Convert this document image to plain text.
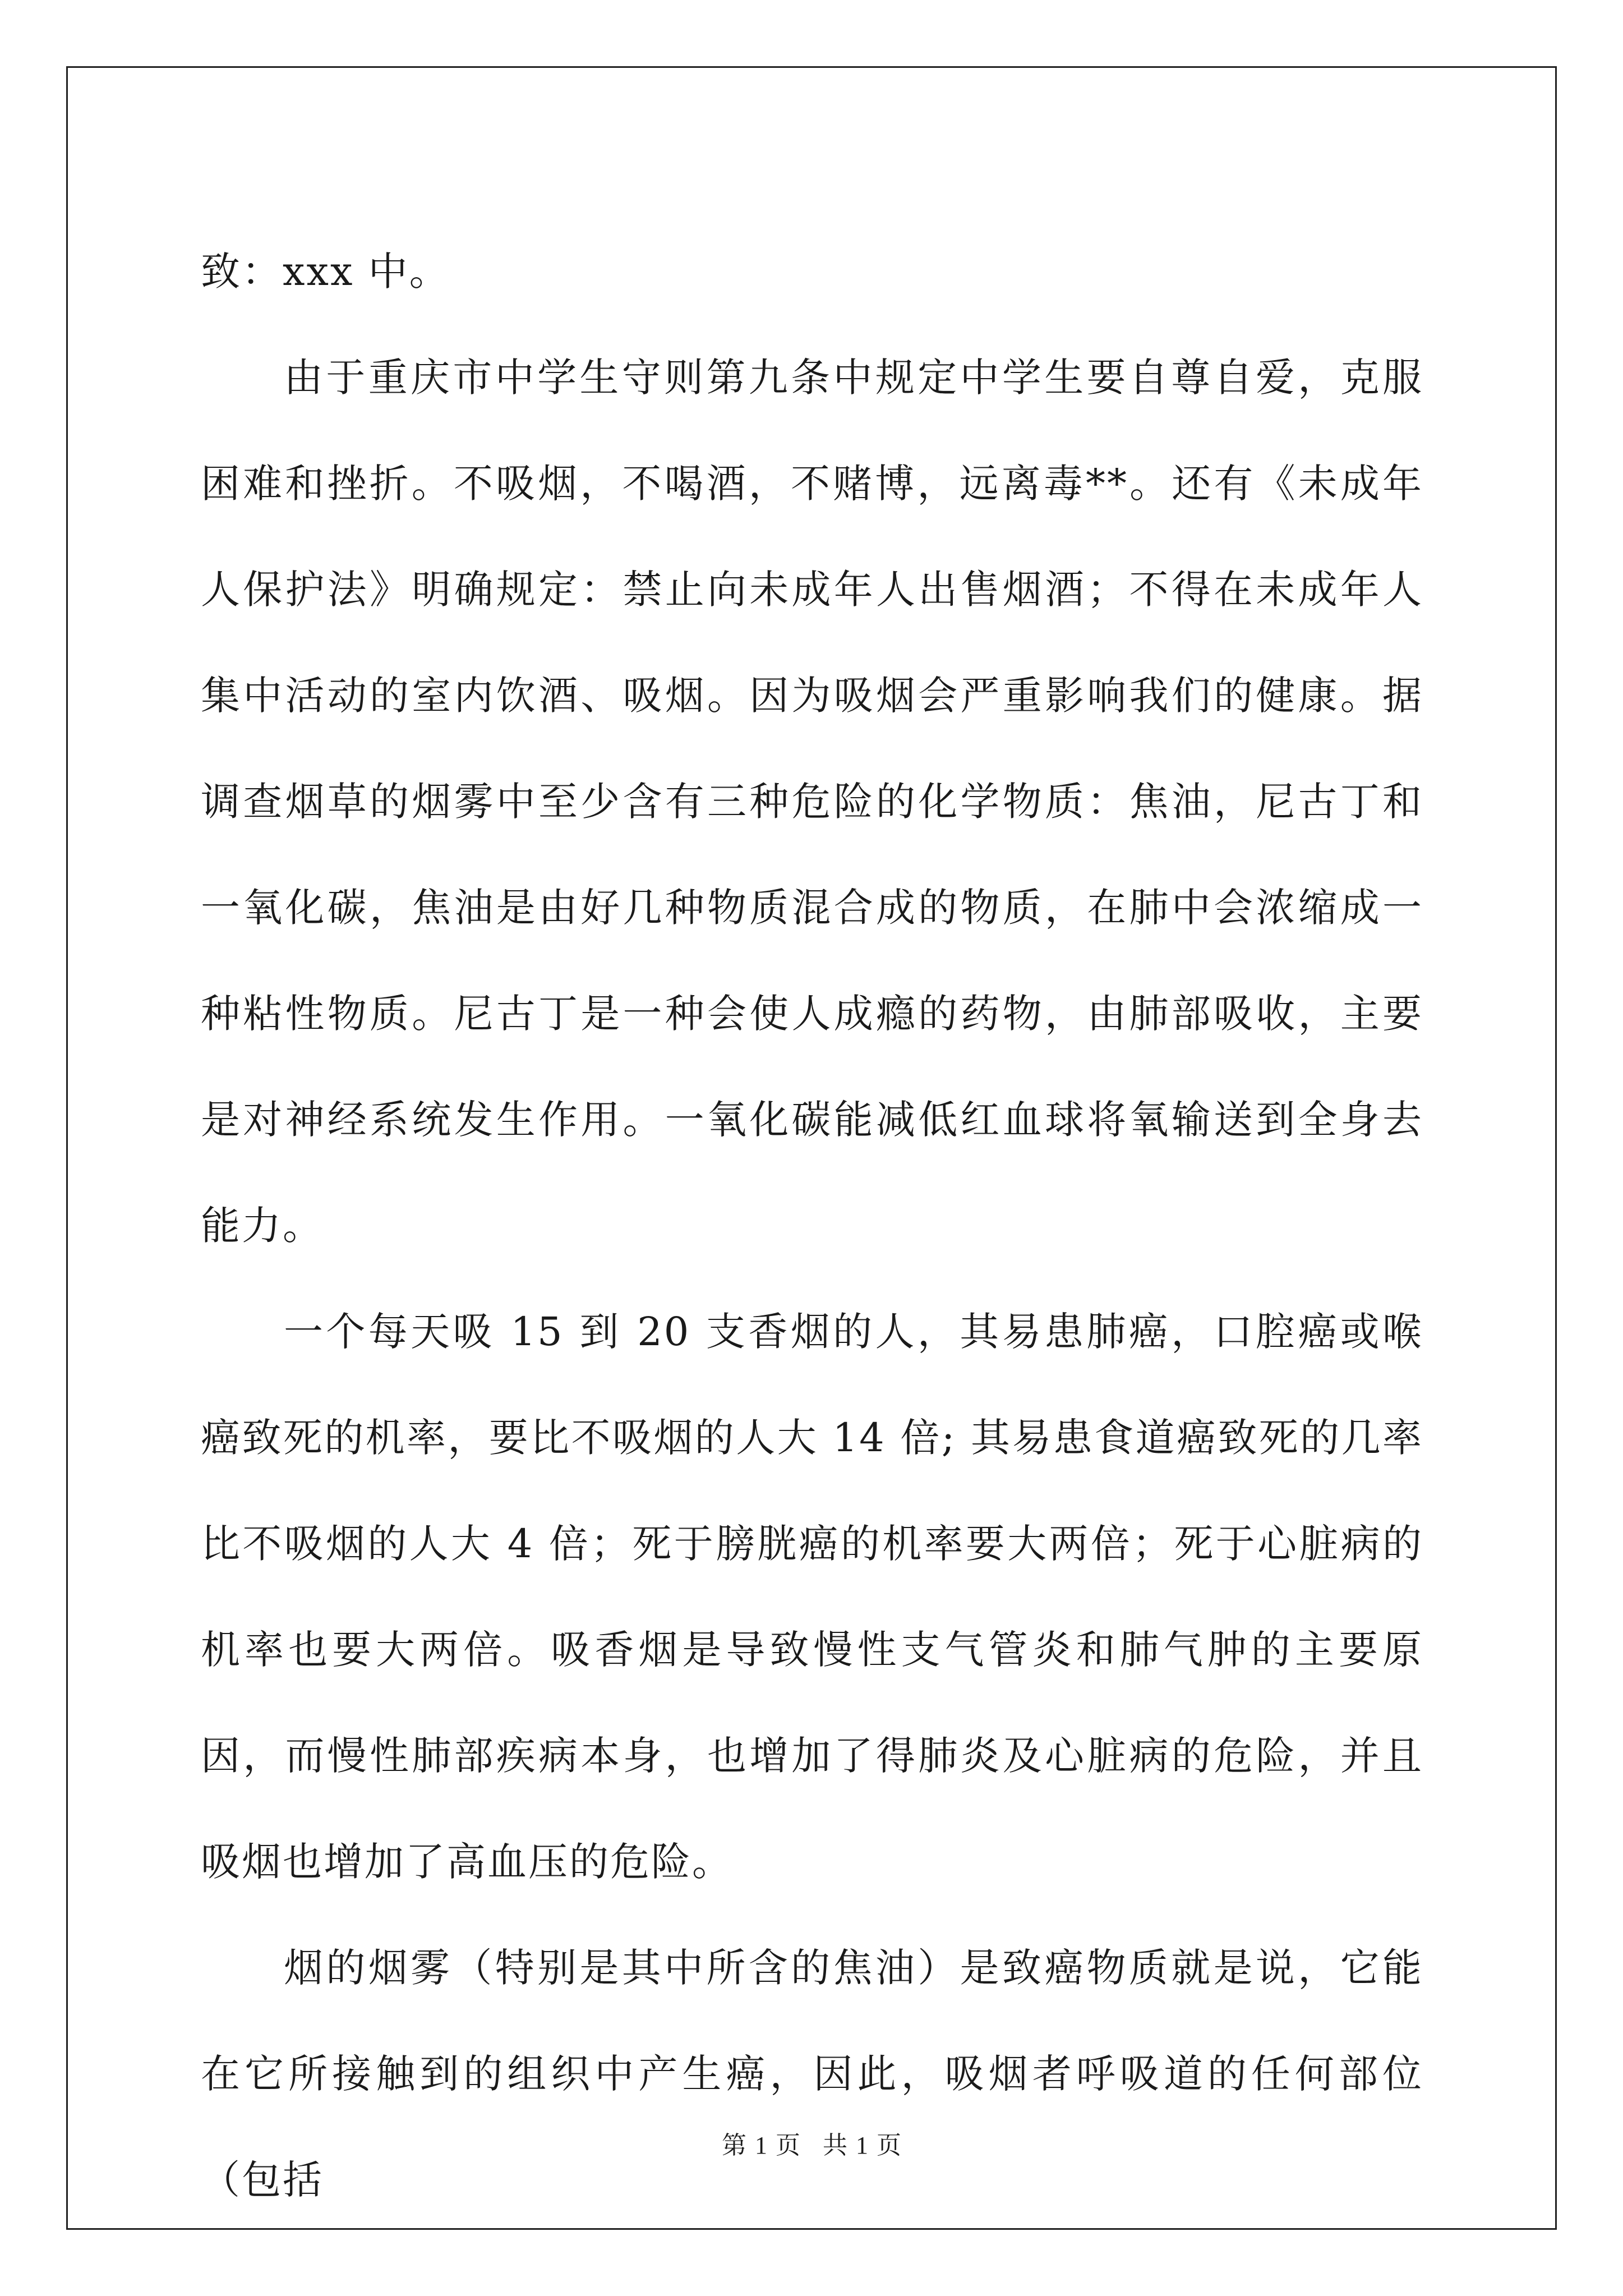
致：xxx 中。

由于重庆市中学生守则第九条中规定中学生要自尊自爱，克服困难和挫折。不吸烟，不喝酒，不赌博，远离毒**。还有《未成年人保护法》明确规定：禁止向未成年人出售烟酒；不得在未成年人集中活动的室内饮酒、吸烟。因为吸烟会严重影响我们的健康。据调查烟草的烟雾中至少含有三种危险的化学物质：焦油，尼古丁和一氧化碳，焦油是由好几种物质混合成的物质，在肺中会浓缩成一种粘性物质。尼古丁是一种会使人成瘾的药物，由肺部吸收，主要是对神经系统发生作用。一氧化碳能减低红血球将氧输送到全身去能力。

一个每天吸 15 到 20 支香烟的人，其易患肺癌，口腔癌或喉癌致死的机率，要比不吸烟的人大 14 倍; 其易患食道癌致死的几率比不吸烟的人大 4 倍；死于膀胱癌的机率要大两倍；死于心脏病的机率也要大两倍。吸香烟是导致慢性支气管炎和肺气肿的主要原因，而慢性肺部疾病本身，也增加了得肺炎及心脏病的危险，并且吸烟也增加了高血压的危险。

烟的烟雾（特别是其中所含的焦油）是致癌物质就是说，它能在它所接触到的组织中产生癌，因此，吸烟者呼吸道的任何部位（包括

第 1 页 共 1 页
